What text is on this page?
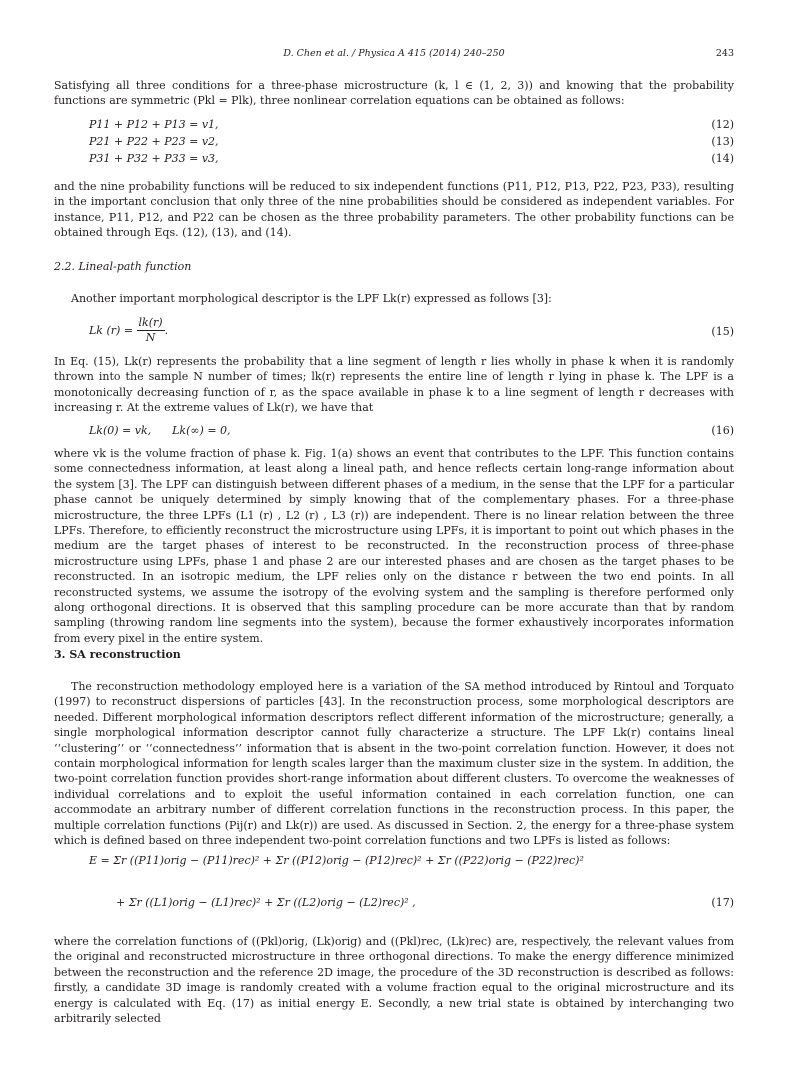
D. Chen et al. / Physica A 415 (2014) 240–250	243

Satisfying all three conditions for a three-phase microstructure (k, l ∈ (1, 2, 3)) and knowing that the probability functions are symmetric (Pkl = Plk), three nonlinear correlation equations can be obtained as follows:

P11 + P12 + P13 = v1,	(12)
P21 + P22 + P23 = v2,	(13)
P31 + P32 + P33 = v3,	(14)

and the nine probability functions will be reduced to six independent functions (P11, P12, P13, P22, P23, P33), resulting in the important conclusion that only three of the nine probabilities should be considered as independent variables. For instance, P11, P12, and P22 can be chosen as the three probability parameters. The other probability functions can be obtained through Eqs. (12), (13), and (14).

2.2. Lineal-path function

Another important morphological descriptor is the LPF Lk(r) expressed as follows [3]:

Lk $(r) = \frac{lk(r)}{N}$ .	(15)

In Eq. (15), Lk(r) represents the probability that a line segment of length r lies wholly in phase k when it is randomly thrown into the sample N number of times; lk(r) represents the entire line of length r lying in phase k. The LPF is a monotonically decreasing function of r, as the space available in phase k to a line segment of length r decreases with increasing r. At the extreme values of Lk(r), we have that

Lk(0) = vk,      Lk(∞) = 0,	(16)

where vk is the volume fraction of phase k. Fig. 1(a) shows an event that contributes to the LPF. This function contains some connectedness information, at least along a lineal path, and hence reflects certain long-range information about the system [3]. The LPF can distinguish between different phases of a medium, in the sense that the LPF for a particular phase cannot be uniquely determined by simply knowing that of the complementary phases. For a three-phase microstructure, the three LPFs (L1 (r) , L2 (r) , L3 (r)) are independent. There is no linear relation between the three LPFs. Therefore, to efficiently reconstruct the microstructure using LPFs, it is important to point out which phases in the medium are the target phases of interest to be reconstructed. In the reconstruction process of three-phase microstructure using LPFs, phase 1 and phase 2 are our interested phases and are chosen as the target phases to be reconstructed. In an isotropic medium, the LPF relies only on the distance r between the two end points. In all reconstructed systems, we assume the isotropy of the evolving system and the sampling is therefore performed only along orthogonal directions. It is observed that this sampling procedure can be more accurate than that by random sampling (throwing random line segments into the system), because the former exhaustively incorporates information from every pixel in the entire system.

3. SA reconstruction

The reconstruction methodology employed here is a variation of the SA method introduced by Rintoul and Torquato (1997) to reconstruct dispersions of particles [43]. In the reconstruction process, some morphological descriptors are needed. Different morphological information descriptors reflect different information of the microstructure; generally, a single morphological information descriptor cannot fully characterize a structure. The LPF Lk(r) contains lineal ‘‘clustering’’ or ‘‘connectedness’’ information that is absent in the two-point correlation function. However, it does not contain morphological information for length scales larger than the maximum cluster size in the system. In addition, the two-point correlation function provides short-range information about different clusters. To overcome the weaknesses of individual correlations and to exploit the useful information contained in each correlation function, one can accommodate an arbitrary number of different correlation functions in the reconstruction process. In this paper, the multiple correlation functions (Pij(r) and Lk(r)) are used. As discussed in Section. 2, the energy for a three-phase system which is defined based on three independent two-point correlation functions and two LPFs is listed as follows:

E = Σr ((P11)orig − (P11)rec)² + Σr ((P12)orig − (P12)rec)² + Σr ((P22)orig − (P22)rec)²
+ Σr ((L1)orig − (L1)rec)² + Σr ((L2)orig − (L2)rec)² ,	(17)

where the correlation functions of ((Pkl)orig, (Lk)orig) and ((Pkl)rec, (Lk)rec) are, respectively, the relevant values from the original and reconstructed microstructure in three orthogonal directions. To make the energy difference minimized between the reconstruction and the reference 2D image, the procedure of the 3D reconstruction is described as follows: firstly, a candidate 3D image is randomly created with a volume fraction equal to the original microstructure and its energy is calculated with Eq. (17) as initial energy E. Secondly, a new trial state is obtained by interchanging two arbitrarily selected
